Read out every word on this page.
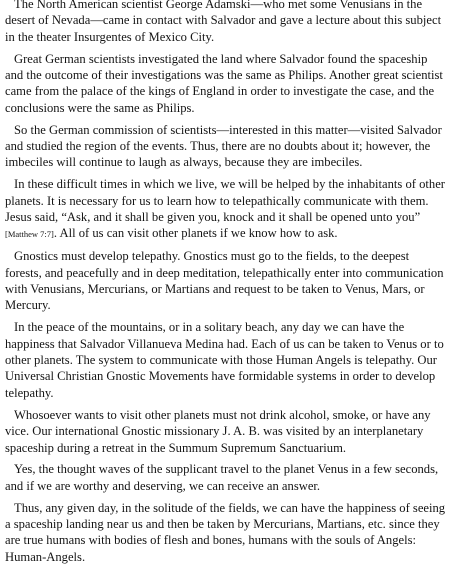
The North American scientist George Adamski—who met some Venusians in the desert of Nevada—came in contact with Salvador and gave a lecture about this subject in the theater Insurgentes of Mexico City.

Great German scientists investigated the land where Salvador found the spaceship and the outcome of their investigations was the same as Philips. Another great scientist came from the palace of the kings of England in order to investigate the case, and the conclusions were the same as Philips.

So the German commission of scientists—interested in this matter—visited Salvador and studied the region of the events. Thus, there are no doubts about it; however, the imbeciles will continue to laugh as always, because they are imbeciles.

In these difficult times in which we live, we will be helped by the inhabitants of other planets. It is necessary for us to learn how to telepathically communicate with them. Jesus said, “Ask, and it shall be given you, knock and it shall be opened unto you” [Matthew 7:7]. All of us can visit other planets if we know how to ask.

Gnostics must develop telepathy. Gnostics must go to the fields, to the deepest forests, and peacefully and in deep meditation, telepathically enter into communication with Venusians, Mercurians, or Martians and request to be taken to Venus, Mars, or Mercury.

In the peace of the mountains, or in a solitary beach, any day we can have the happiness that Salvador Villanueva Medina had. Each of us can be taken to Venus or to other planets. The system to communicate with those Human Angels is telepathy. Our Universal Christian Gnostic Movements have formidable systems in order to develop telepathy.

Whosoever wants to visit other planets must not drink alcohol, smoke, or have any vice. Our international Gnostic missionary J. A. B. was visited by an interplanetary spaceship during a retreat in the Summum Supremum Sanctuarium.

Yes, the thought waves of the supplicant travel to the planet Venus in a few seconds, and if we are worthy and deserving, we can receive an answer.

Thus, any given day, in the solitude of the fields, we can have the happiness of seeing a spaceship landing near us and then be taken by Mercurians, Martians, etc. since they are true humans with bodies of flesh and bones, humans with the souls of Angels: Human-Angels.
